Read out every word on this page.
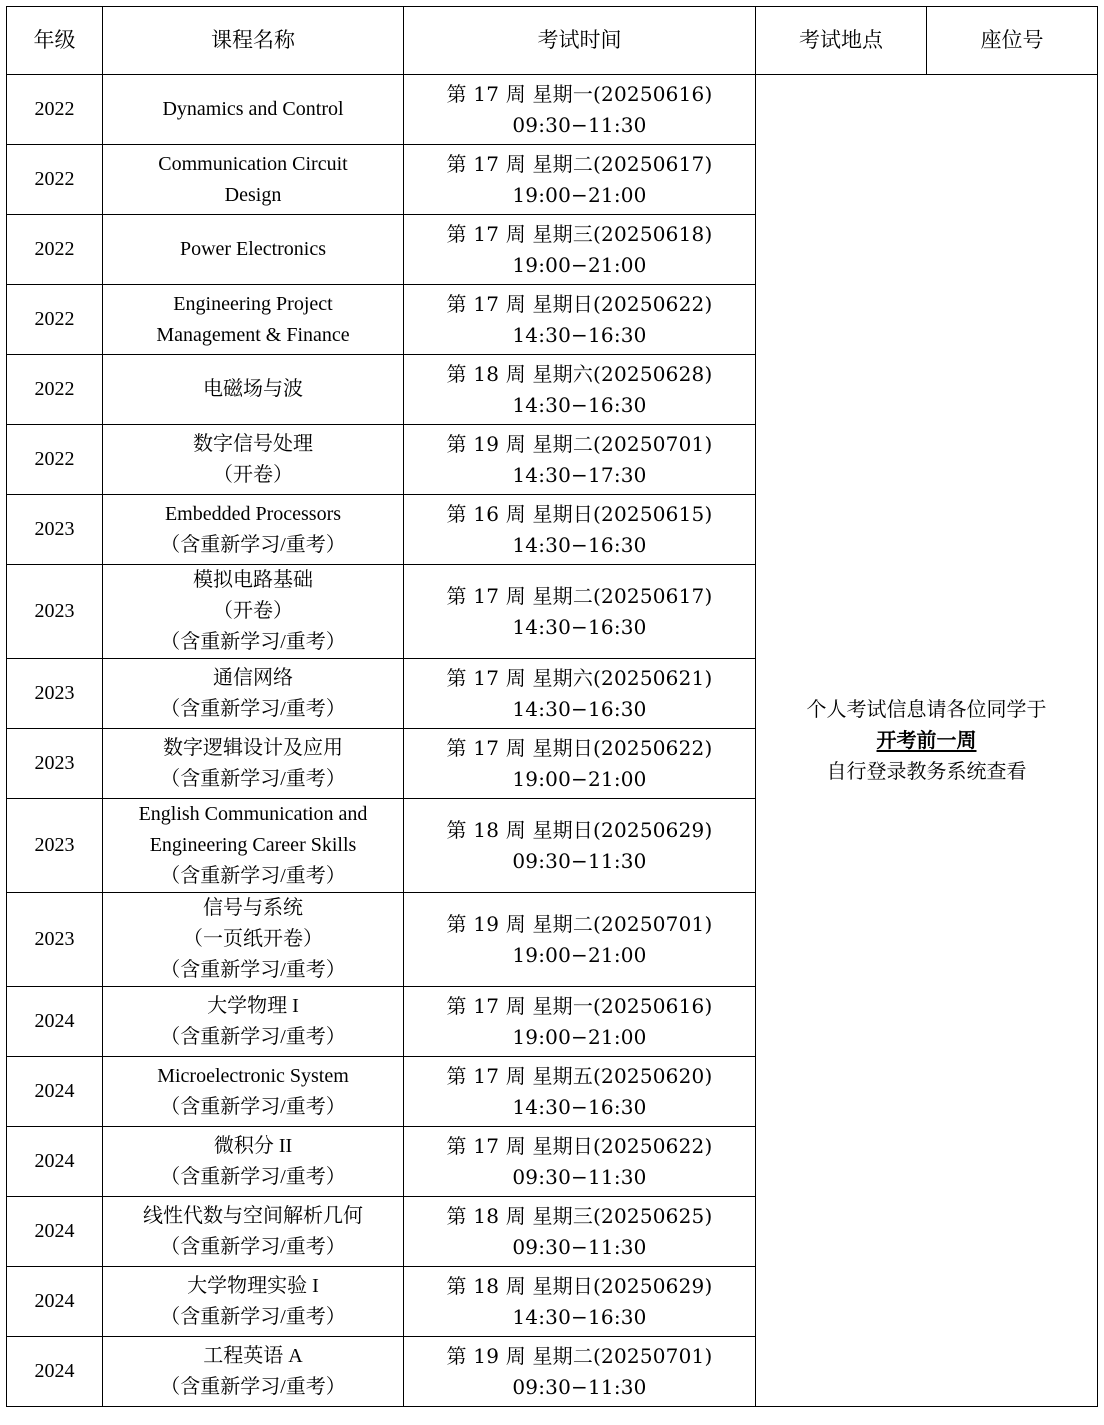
年级	课程名称	考试时间	考试地点	座位号
2022	Dynamics and Control	第 17 周 星期一(20250616)
09:30−11:30	个人考试信息请各位同学于
开考前一周
自行登录教务系统查看	

2022	Communication Circuit
Design	第 17 周 星期二(20250617)
19:00−21:00		

2022	Power Electronics	第 17 周 星期三(20250618)
19:00−21:00		

2022	Engineering Project
Management & Finance	第 17 周 星期日(20250622)
14:30−16:30		

2022	电磁场与波	第 18 周 星期六(20250628)
14:30−16:30		

2022	数字信号处理
（开卷）	第 19 周 星期二(20250701)
14:30−17:30		

2023	Embedded Processors
（含重新学习/重考）	第 16 周 星期日(20250615)
14:30−16:30		

2023	模拟电路基础
（开卷）
（含重新学习/重考）	第 17 周 星期二(20250617)
14:30−16:30		

2023	通信网络
（含重新学习/重考）	第 17 周 星期六(20250621)
14:30−16:30		

2023	数字逻辑设计及应用
（含重新学习/重考）	第 17 周 星期日(20250622)
19:00−21:00		

2023	English Communication and
Engineering Career Skills
（含重新学习/重考）	第 18 周 星期日(20250629)
09:30−11:30		

2023	信号与系统
（一页纸开卷）
（含重新学习/重考）	第 19 周 星期二(20250701)
19:00−21:00		

2024	大学物理 I
（含重新学习/重考）	第 17 周 星期一(20250616)
19:00−21:00		

2024	Microelectronic System
（含重新学习/重考）	第 17 周 星期五(20250620)
14:30−16:30		

2024	微积分 II
（含重新学习/重考）	第 17 周 星期日(20250622)
09:30−11:30		

2024	线性代数与空间解析几何
（含重新学习/重考）	第 18 周 星期三(20250625)
09:30−11:30		

2024	大学物理实验 I
（含重新学习/重考）	第 18 周 星期日(20250629)
14:30−16:30		

2024	工程英语 A
（含重新学习/重考）	第 19 周 星期二(20250701)
09:30−11:30		
